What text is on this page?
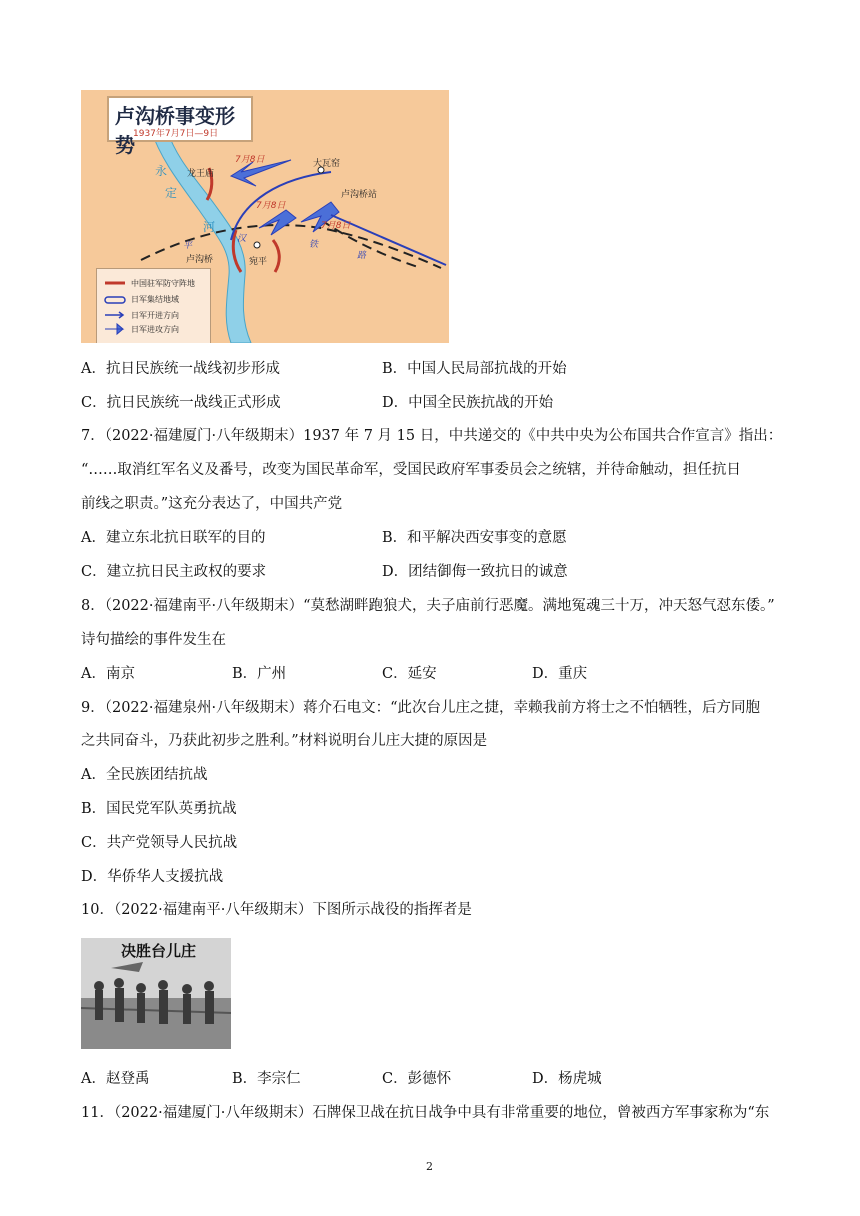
卢沟桥事变形势
1937年7月7日—9日
龙王庙
7月8日	大瓦窑
卢沟桥站
7月8日
7月8日
卢沟桥	宛平
永
定
河
平
汉
铁
路
中国驻军防守阵地
日军集结地域
日军开进方向
日军进攻方向
A．抗日民族统一战线初步形成	B．中国人民局部抗战的开始
C．抗日民族统一战线正式形成	D．中国全民族抗战的开始
7．（2022·福建厦门·八年级期末）1937 年 7 月 15 日，中共递交的《中共中央为公布国共合作宣言》指出：
“……取消红军名义及番号，改变为国民革命军，受国民政府军事委员会之统辖，并待命触动，担任抗日
前线之职责。”这充分表达了，中国共产党
A．建立东北抗日联军的目的	B．和平解决西安事变的意愿
C．建立抗日民主政权的要求	D．团结御侮一致抗日的诚意
8．（2022·福建南平·八年级期末）“莫愁湖畔跑狼犬，夫子庙前行恶魔。满地冤魂三十万，冲天怒气怼东倭。”
诗句描绘的事件发生在
A．南京	B．广州	C．延安	D．重庆
9．（2022·福建泉州·八年级期末）蒋介石电文：“此次台儿庄之捷，幸赖我前方将士之不怕牺牲，后方同胞
之共同奋斗，乃获此初步之胜利。”材料说明台儿庄大捷的原因是
A．全民族团结抗战
B．国民党军队英勇抗战
C．共产党领导人民抗战
D．华侨华人支援抗战
10．（2022·福建南平·八年级期末）下图所示战役的指挥者是
决胜台儿庄
A．赵登禹	B．李宗仁	C．彭德怀	D．杨虎城
11．（2022·福建厦门·八年级期末）石牌保卫战在抗日战争中具有非常重要的地位，曾被西方军事家称为“东
2
